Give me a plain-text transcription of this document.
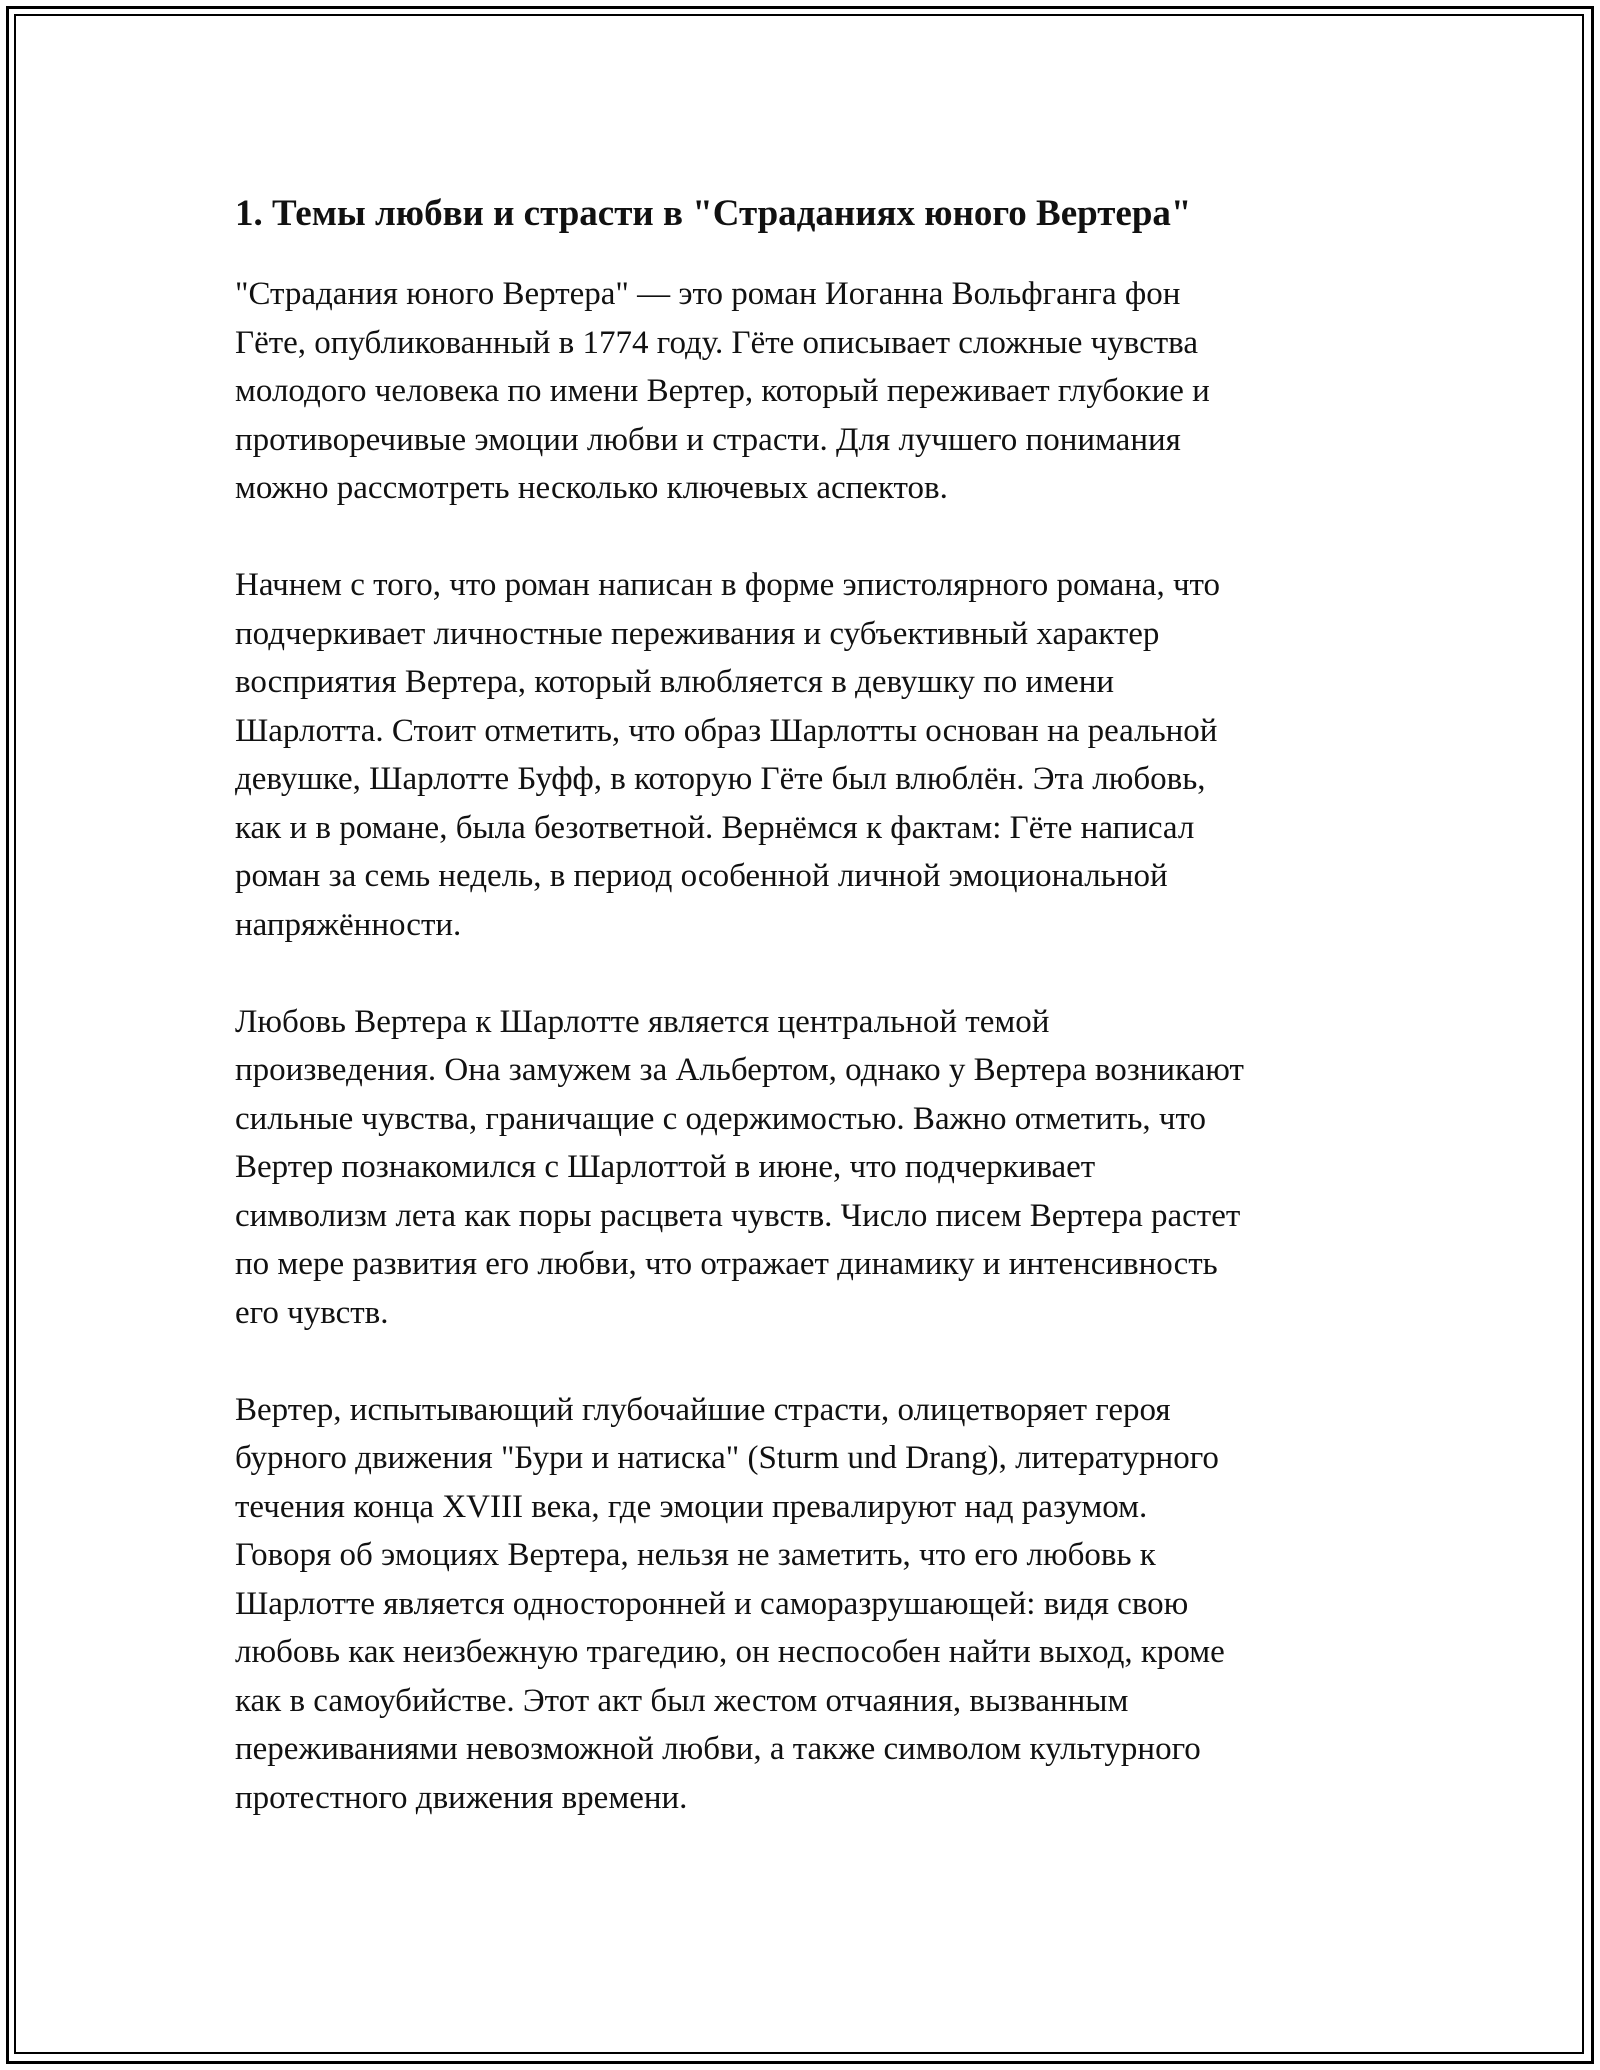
1. Темы любви и страсти в "Страданиях юного Вертера"

"Страдания юного Вертера" — это роман Иоганна Вольфганга фон
Гёте, опубликованный в 1774 году. Гёте описывает сложные чувства
молодого человека по имени Вертер, который переживает глубокие и
противоречивые эмоции любви и страсти. Для лучшего понимания
можно рассмотреть несколько ключевых аспектов.

Начнем с того, что роман написан в форме эпистолярного романа, что
подчеркивает личностные переживания и субъективный характер
восприятия Вертера, который влюбляется в девушку по имени
Шарлотта. Стоит отметить, что образ Шарлотты основан на реальной
девушке, Шарлотте Буфф, в которую Гёте был влюблён. Эта любовь,
как и в романе, была безответной. Вернёмся к фактам: Гёте написал
роман за семь недель, в период особенной личной эмоциональной
напряжённости.

Любовь Вертера к Шарлотте является центральной темой
произведения. Она замужем за Альбертом, однако у Вертера возникают
сильные чувства, граничащие с одержимостью. Важно отметить, что
Вертер познакомился с Шарлоттой в июне, что подчеркивает
символизм лета как поры расцвета чувств. Число писем Вертера растет
по мере развития его любви, что отражает динамику и интенсивность
его чувств.

Вертер, испытывающий глубочайшие страсти, олицетворяет героя
бурного движения "Бури и натиска" (Sturm und Drang), литературного
течения конца XVIII века, где эмоции превалируют над разумом.
Говоря об эмоциях Вертера, нельзя не заметить, что его любовь к
Шарлотте является односторонней и саморазрушающей: видя свою
любовь как неизбежную трагедию, он неспособен найти выход, кроме
как в самоубийстве. Этот акт был жестом отчаяния, вызванным
переживаниями невозможной любви, а также символом культурного
протестного движения времени.
